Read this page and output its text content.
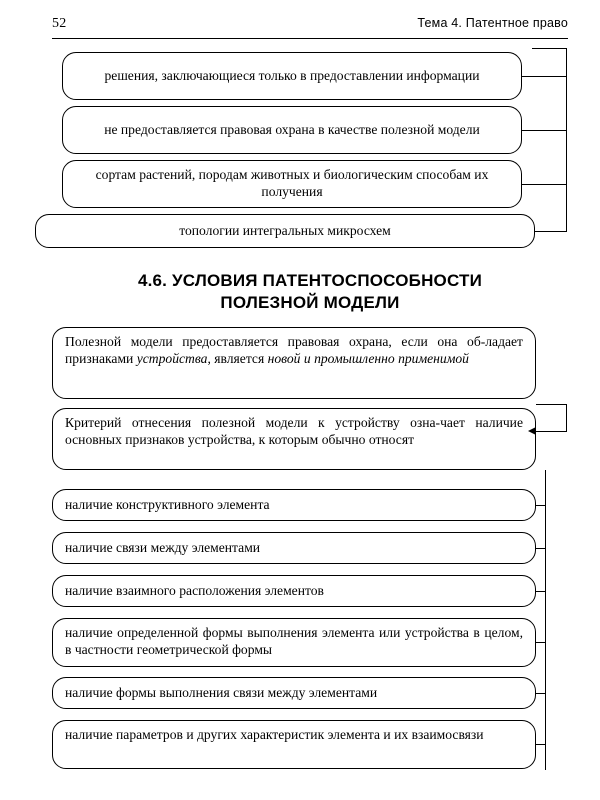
52	Тема 4. Патентное право
решения, заключающиеся только в предоставлении информации
не предоставляется правовая охрана в качестве полезной модели
сортам растений, породам животных и биологическим способам их получения
топологии интегральных микросхем
4.6. УСЛОВИЯ ПАТЕНТОСПОСОБНОСТИ
ПОЛЕЗНОЙ МОДЕЛИ
Полезной модели предоставляется правовая охрана, если она об-ладает признаками устройства, является новой и промышленно применимой
Критерий отнесения полезной модели к устройству озна-чает наличие основных признаков устройства, к которым обычно относят
наличие конструктивного элемента
наличие связи между элементами
наличие взаимного расположения элементов
наличие определенной формы выполнения элемента или устройства в целом, в частности геометрической формы
наличие формы выполнения связи между элементами
наличие параметров и других характеристик элемента и их взаимосвязи
